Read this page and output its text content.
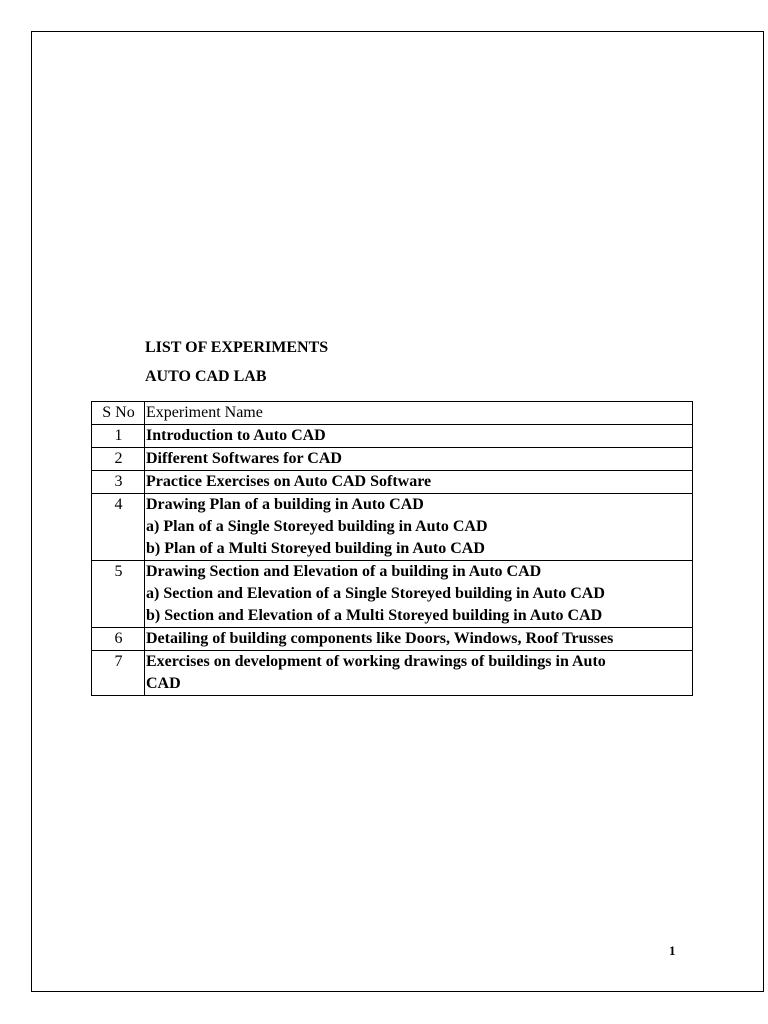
LIST OF EXPERIMENTS
AUTO CAD LAB
S No	Experiment Name
1	Introduction to Auto CAD

2	Different Softwares for CAD

3	Practice Exercises on Auto CAD Software

4	Drawing Plan of a building in Auto CAD
a) Plan of a Single Storeyed building in Auto CAD
b) Plan of a Multi Storeyed building in Auto CAD

5	Drawing Section and Elevation of a building in Auto CAD
a) Section and Elevation of a Single Storeyed building in Auto CAD
b) Section and Elevation of a Multi Storeyed building in Auto CAD

6	Detailing of building components like Doors, Windows, Roof Trusses

7	Exercises on development of working drawings of buildings in Auto
CAD
1
